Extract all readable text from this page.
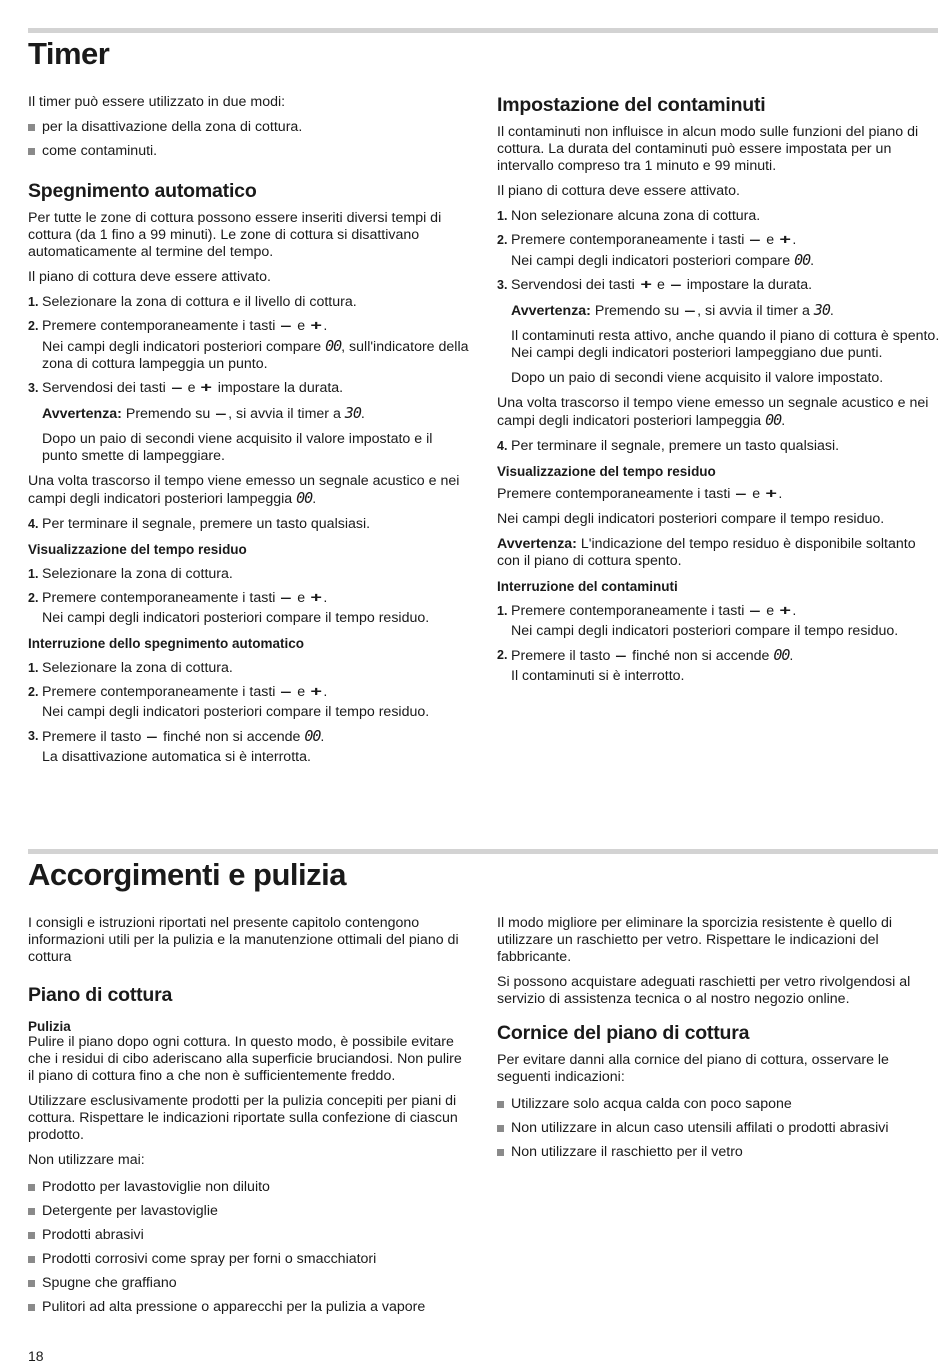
Timer

Il timer può essere utilizzato in due modi:

per la disattivazione della zona di cottura.
come contaminuti.
Spegnimento automatico

Per tutte le zone di cottura possono essere inseriti diversi tempi di cottura (da 1 fino a 99 minuti). Le zone di cottura si disattivano automaticamente al termine del tempo.

Il piano di cottura deve essere attivato.

1. Selezionare la zona di cottura e il livello di cottura.
2. Premere contemporaneamente i tasti – e +.
Nei campi degli indicatori posteriori compare 00, sull'indicatore della zona di cottura lampeggia un punto.
3. Servendosi dei tasti – e + impostare la durata.

Avvertenza: Premendo su –, si avvia il timer a 30.

Dopo un paio di secondi viene acquisito il valore impostato e il punto smette di lampeggiare.

Una volta trascorso il tempo viene emesso un segnale acustico e nei campi degli indicatori posteriori lampeggia 00.

4. Per terminare il segnale, premere un tasto qualsiasi.
Visualizzazione del tempo residuo
1. Selezionare la zona di cottura.
2. Premere contemporaneamente i tasti – e +.
Nei campi degli indicatori posteriori compare il tempo residuo.
Interruzione dello spegnimento automatico
1. Selezionare la zona di cottura.
2. Premere contemporaneamente i tasti – e +.
Nei campi degli indicatori posteriori compare il tempo residuo.
3. Premere il tasto – finché non si accende 00.
La disattivazione automatica si è interrotta.
Impostazione del contaminuti

Il contaminuti non influisce in alcun modo sulle funzioni del piano di cottura. La durata del contaminuti può essere impostata per un intervallo compreso tra 1 minuto e 99 minuti.

Il piano di cottura deve essere attivato.

1. Non selezionare alcuna zona di cottura.
2. Premere contemporaneamente i tasti – e +.
Nei campi degli indicatori posteriori compare 00.
3. Servendosi dei tasti + e – impostare la durata.

Avvertenza: Premendo su –, si avvia il timer a 30.

Il contaminuti resta attivo, anche quando il piano di cottura è spento. Nei campi degli indicatori posteriori lampeggiano due punti.

Dopo un paio di secondi viene acquisito il valore impostato.

Una volta trascorso il tempo viene emesso un segnale acustico e nei campi degli indicatori posteriori lampeggia 00.

4. Per terminare il segnale, premere un tasto qualsiasi.
Visualizzazione del tempo residuo

Premere contemporaneamente i tasti – e +.

Nei campi degli indicatori posteriori compare il tempo residuo.

Avvertenza: L'indicazione del tempo residuo è disponibile soltanto con il piano di cottura spento.

Interruzione del contaminuti
1. Premere contemporaneamente i tasti – e +.
Nei campi degli indicatori posteriori compare il tempo residuo.
2. Premere il tasto – finché non si accende 00.
Il contaminuti si è interrotto.
Accorgimenti e pulizia

I consigli e istruzioni riportati nel presente capitolo contengono informazioni utili per la pulizia e la manutenzione ottimali del piano di cottura

Piano di cottura
Pulizia

Pulire il piano dopo ogni cottura. In questo modo, è possibile evitare che i residui di cibo aderiscano alla superficie bruciandosi. Non pulire il piano di cottura fino a che non è sufficientemente freddo.

Utilizzare esclusivamente prodotti per la pulizia concepiti per piani di cottura. Rispettare le indicazioni riportate sulla confezione di ciascun prodotto.

Non utilizzare mai:

Prodotto per lavastoviglie non diluito
Detergente per lavastoviglie
Prodotti abrasivi
Prodotti corrosivi come spray per forni o smacchiatori
Spugne che graffiano
Pulitori ad alta pressione o apparecchi per la pulizia a vapore

Il modo migliore per eliminare la sporcizia resistente è quello di utilizzare un raschietto per vetro. Rispettare le indicazioni del fabbricante.

Si possono acquistare adeguati raschietti per vetro rivolgendosi al servizio di assistenza tecnica o al nostro negozio online.

Cornice del piano di cottura

Per evitare danni alla cornice del piano di cottura, osservare le seguenti indicazioni:

Utilizzare solo acqua calda con poco sapone
Non utilizzare in alcun caso utensili affilati o prodotti abrasivi
Non utilizzare il raschietto per il vetro
18
